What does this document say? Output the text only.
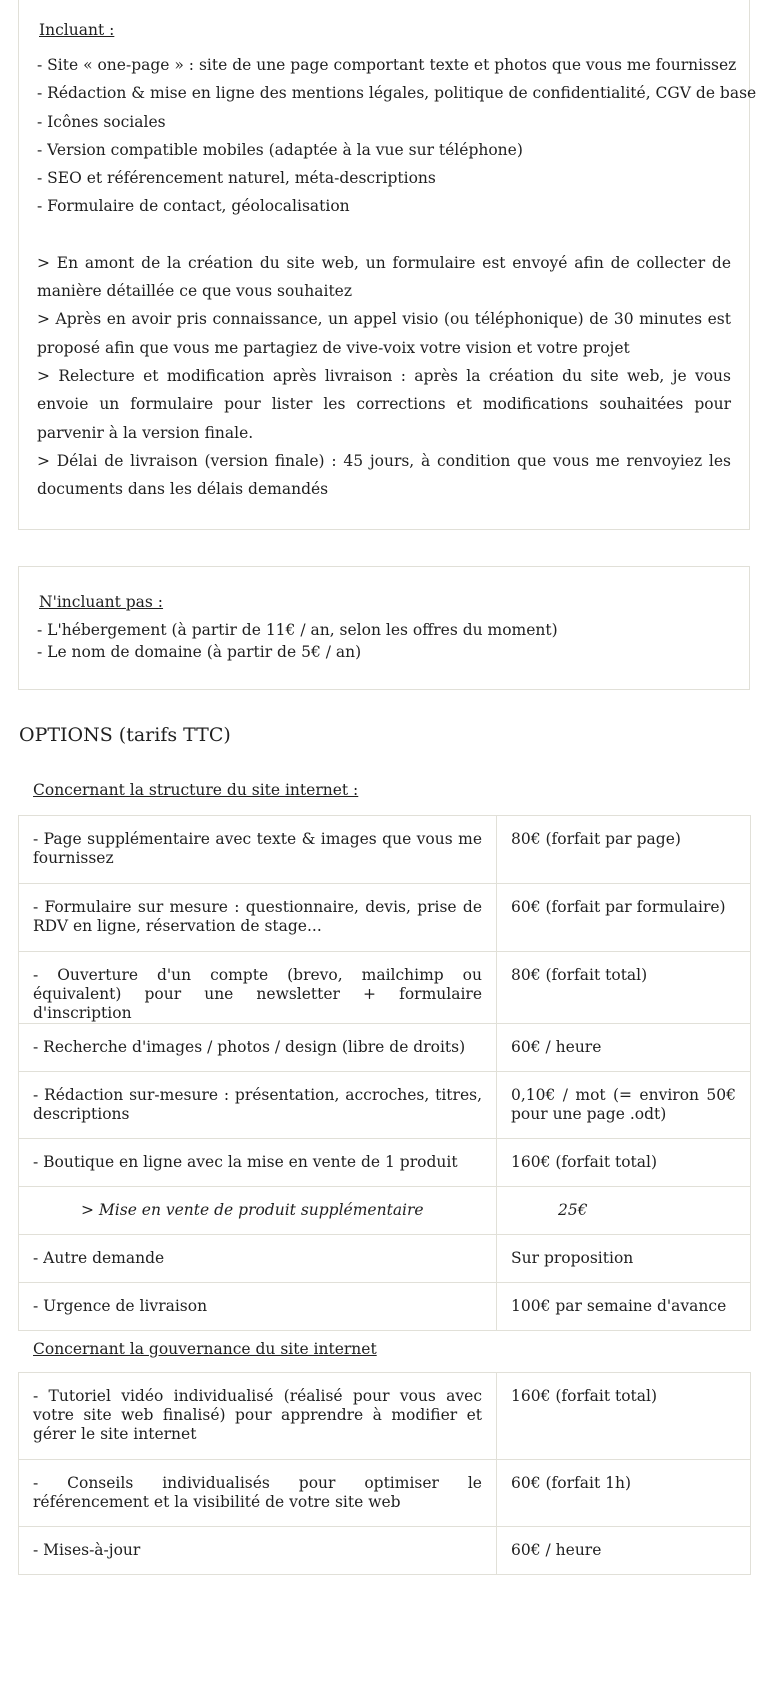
Incluant :
- Site « one-page » : site de une page comportant texte et photos que vous me fournissez
- Rédaction & mise en ligne des mentions légales, politique de confidentialité, CGV de base
- Icônes sociales
- Version compatible mobiles (adaptée à la vue sur téléphone)
- SEO et référencement naturel, méta-descriptions
- Formulaire de contact, géolocalisation
> En amont de la création du site web, un formulaire est envoyé afin de collecter de manière détaillée ce que vous souhaitez
> Après en avoir pris connaissance, un appel visio (ou téléphonique) de 30 minutes est proposé afin que vous me partagiez de vive-voix votre vision et votre projet
> Relecture et modification après livraison : après la création du site web, je vous envoie un formulaire pour lister les corrections et modifications souhaitées pour parvenir à la version finale.
> Délai de livraison (version finale) : 45 jours, à condition que vous me renvoyiez les documents dans les délais demandés
N'incluant pas :
- L'hébergement (à partir de 11€ / an, selon les offres du moment)
- Le nom de domaine (à partir de 5€ / an)
OPTIONS (tarifs TTC)

Concernant la structure du site internet :

- Page supplémentaire avec texte & images que vous me fournissez	80€ (forfait par page)
- Formulaire sur mesure : questionnaire, devis, prise de RDV en ligne, réservation de stage...	60€ (forfait par formulaire)
- Ouverture d'un compte (brevo, mailchimp ou équivalent) pour une newsletter + formulaire d'inscription	80€ (forfait total)
- Recherche d'images / photos / design (libre de droits)	60€ / heure
- Rédaction sur-mesure : présentation, accroches, titres, descriptions	0,10€ / mot (= environ 50€ pour une page .odt)
- Boutique en ligne avec la mise en vente de 1 produit	160€ (forfait total)
> Mise en vente de produit supplémentaire	25€
- Autre demande	Sur proposition
- Urgence de livraison	100€ par semaine d'avance

Concernant la gouvernance du site internet

- Tutoriel vidéo individualisé (réalisé pour vous avec votre site web finalisé) pour apprendre à modifier et gérer le site internet	160€ (forfait total)
- Conseils individualisés pour optimiser le référencement et la visibilité de votre site web	60€ (forfait 1h)
- Mises-à-jour	60€ / heure
